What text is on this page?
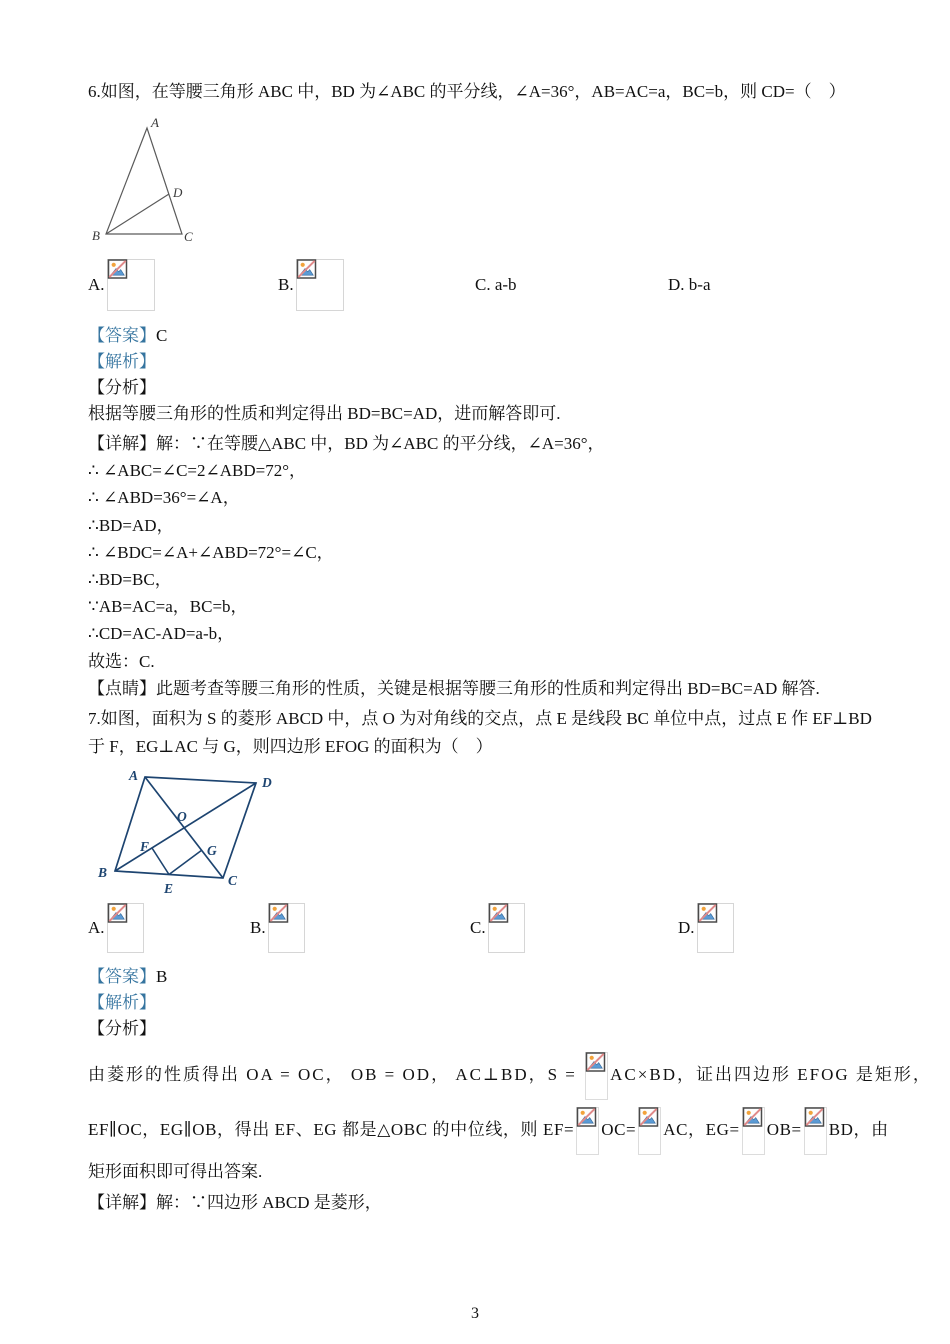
6.如图，在等腰三角形 ABC 中，BD 为∠ABC 的平分线，∠A=36°，AB=AC=a，BC=b，则 CD=（　）

A
B	C
D
A.	B.	C. a-b	D. b-a

【答案】C

【解析】

【分析】

根据等腰三角形的性质和判定得出 BD=BC=AD，进而解答即可.

【详解】解：∵在等腰△ABC 中，BD 为∠ABC 的平分线，∠A=36°，

∴ ∠ABC=∠C=2∠ABD=72°，

∴ ∠ABD=36°=∠A，

∴BD=AD，

∴ ∠BDC=∠A+∠ABD=72°=∠C，

∴BD=BC，

∵AB=AC=a，BC=b，

∴CD=AC-AD=a-b，

故选：C.

【点睛】此题考查等腰三角形的性质，关键是根据等腰三角形的性质和判定得出 BD=BC=AD 解答.

7.如图，面积为 S 的菱形 ABCD 中，点 O 为对角线的交点，点 E 是线段 BC 单位中点，过点 E 作 EF⊥BD

于 F，EG⊥AC 与 G，则四边形 EFOG 的面积为（　）

A	D
B
C
O
E
F	G
A.	B.	C.	D.

【答案】B

【解析】

【分析】

由菱形的性质得出 OA = OC， OB = OD， AC⊥BD，S =
AC×BD，证出四边形 EFOG 是矩形，

EF∥OC，EG∥OB，得出 EF、EG 都是△OBC 的中位线，则 EF= OC= AC，EG= OB= BD，由

矩形面积即可得出答案.

【详解】解：∵四边形 ABCD 是菱形，

3
